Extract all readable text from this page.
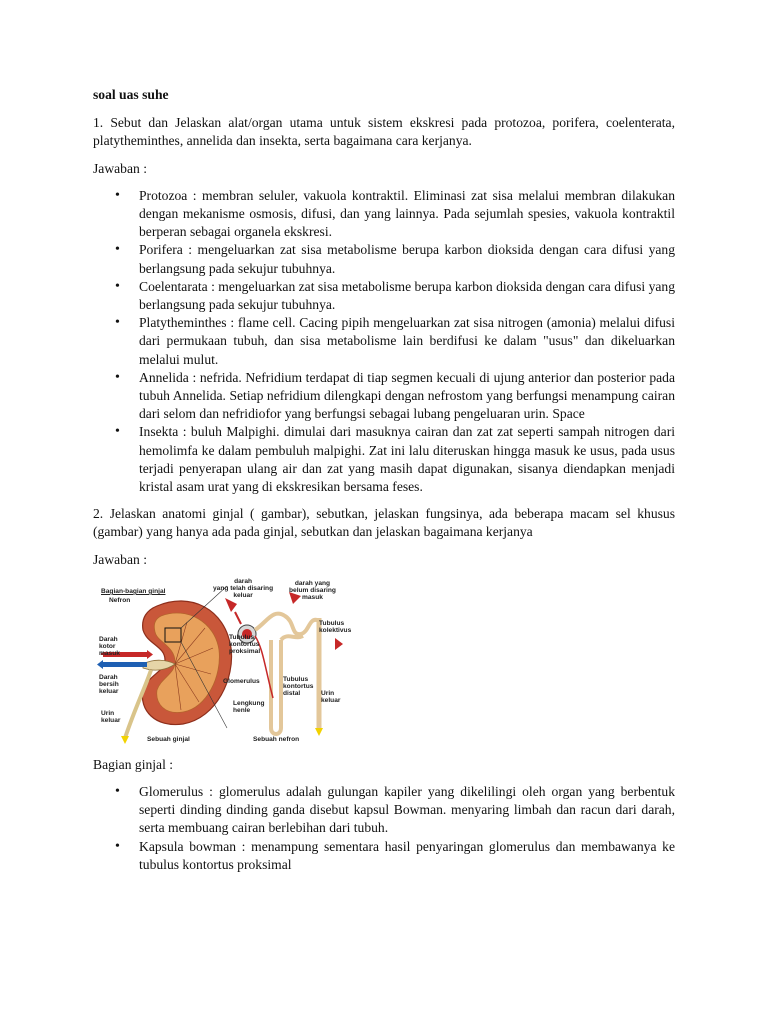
soal uas suhe

1. Sebut dan Jelaskan alat/organ utama untuk sistem ekskresi pada protozoa, porifera, coelenterata, platytheminthes, annelida dan insekta, serta bagaimana cara kerjanya.

Jawaban :

• Protozoa : membran seluler, vakuola kontraktil. Eliminasi zat sisa melalui membran dilakukan dengan mekanisme osmosis, difusi, dan yang lainnya. Pada sejumlah spesies, vakuola kontraktil berperan sebagai organela ekskresi.
• Porifera : mengeluarkan zat sisa metabolisme berupa karbon dioksida dengan cara difusi yang berlangsung pada sekujur tubuhnya.
• Coelentarata : mengeluarkan zat sisa metabolisme berupa karbon dioksida dengan cara difusi yang berlangsung pada sekujur tubuhnya.
• Platytheminthes : flame cell. Cacing pipih mengeluarkan zat sisa nitrogen (amonia) melalui difusi dari permukaan tubuh, dan sisa metabolisme lain berdifusi ke dalam "usus" dan dikeluarkan melalui mulut.
• Annelida : nefrida. Nefridium terdapat di tiap segmen kecuali di ujung anterior dan posterior pada tubuh Annelida. Setiap nefridium dilengkapi dengan nefrostom yang berfungsi menampung cairan dari selom dan nefridiofor yang berfungsi sebagai lubang pengeluaran urin. Space
• Insekta : buluh Malpighi. dimulai dari masuknya cairan dan zat zat seperti sampah nitrogen dari hemolimfa ke dalam pembuluh malpighi. Zat ini lalu diteruskan hingga masuk ke usus, pada usus terjadi penyerapan ulang air dan zat yang masih dapat digunakan, sisanya diendapkan menjadi kristal asam urat yang di ekskresikan bersama feses.

2. Jelaskan anatomi ginjal ( gambar), sebutkan, jelaskan fungsinya, ada beberapa macam sel khusus (gambar) yang hanya ada pada ginjal, sebutkan dan jelaskan bagaimana kerjanya

Jawaban :

Bagian-bagian ginjal
Nefron
Darah
kotor
masuk
Darah
bersih
keluar
Urin
keluar
Sebuah ginjal
darah
yang telah disaring
keluar
darah yang
belum disaring
masuk
Tubulus
kolektivus
Tubulus
kontortus
proksimal
Glomerulus	Tubulus
kontortus
distal
Lengkung
henle
Urin
keluar
Sebuah nefron

Bagian ginjal :

• Glomerulus : glomerulus adalah gulungan kapiler yang dikelilingi oleh organ yang berbentuk seperti dinding dinding ganda disebut kapsul Bowman. menyaring limbah dan racun dari darah, serta membuang cairan berlebihan dari tubuh.
• Kapsula bowman : menampung sementara hasil penyaringan glomerulus dan membawanya ke tubulus kontortus proksimal
